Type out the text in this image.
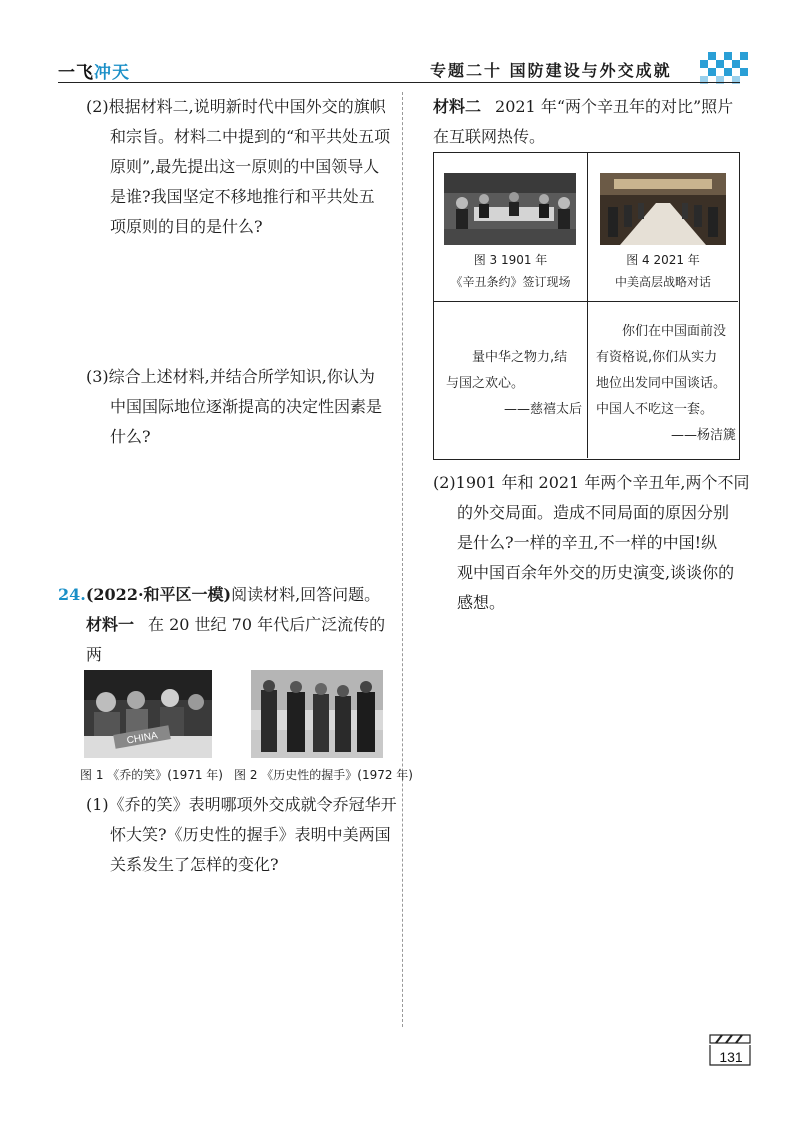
一飞冲天	专题二十 国防建设与外交成就
(2)根据材料二,说明新时代中国外交的旗帜
和宗旨。材料二中提到的“和平共处五项
原则”,最先提出这一原则的中国领导人
是谁?我国坚定不移地推行和平共处五
项原则的目的是什么?
(3)综合上述材料,并结合所学知识,你认为
中国国际地位逐渐提高的决定性因素是
什么?
24.(2022·和平区一模)阅读材料,回答问题。
材料一 在 20 世纪 70 年代后广泛流传的两
CHINA
图 1 《乔的笑》(1971 年) 图 2 《历史性的握手》(1972 年)
(1)《乔的笑》表明哪项外交成就令乔冠华开
怀大笑?《历史性的握手》表明中美两国
关系发生了怎样的变化?
材料二 2021 年“两个辛丑年的对比”照片
在互联网热传。
图 3 1901 年
《辛丑条约》签订现场
图 4 2021 年
中美高层战略对话
量中华之物力,结
与国之欢心。
——慈禧太后
你们在中国面前没
有资格说,你们从实力
地位出发同中国谈话。
中国人不吃这一套。
——杨洁篪
(2)1901 年和 2021 年两个辛丑年,两个不同
的外交局面。造成不同局面的原因分别
是什么?一样的辛丑,不一样的中国!纵
观中国百余年外交的历史演变,谈谈你的
感想。
131
